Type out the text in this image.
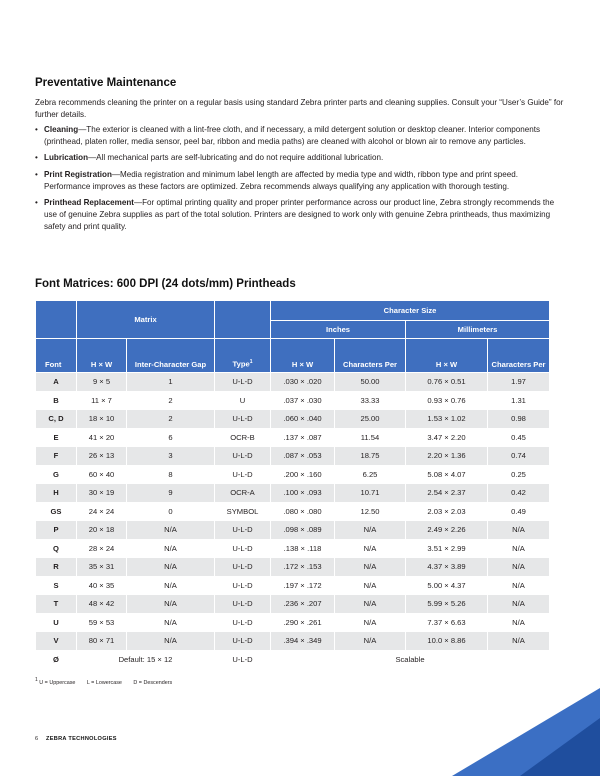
Preventative Maintenance

Zebra recommends cleaning the printer on a regular basis using standard Zebra printer parts and cleaning supplies. Consult your “User’s Guide” for further details.

• Cleaning—The exterior is cleaned with a lint-free cloth, and if necessary, a mild detergent solution or desktop cleaner. Interior components (printhead, platen roller, media sensor, peel bar, ribbon and media paths) are cleaned with alcohol or blown air to remove any particles.
• Lubrication—All mechanical parts are self-lubricating and do not require additional lubrication.
• Print Registration—Media registration and minimum label length are affected by media type and width, ribbon type and print speed. Performance improves as these factors are optimized. Zebra recommends always qualifying any application with thorough testing.
• Printhead Replacement—For optimal printing quality and proper printer performance across our product line, Zebra strongly recommends the use of genuine Zebra supplies as part of the total solution. Printers are designed to work only with genuine Zebra printheads, thus maximizing safety and print quality.
Font Matrices: 600 DPI (24 dots/mm) Printheads
	Matrix			Character Size			
				Inches		Millimeters	
Font	H × W	Inter-Character Gap	Type$^1$	H × W	Characters Per	H × W	Characters Per
A	9 × 5	1	U-L-D	.030 × .020	50.00	0.76 × 0.51	1.97
B	11 × 7	2	U	.037 × .030	33.33	0.93 × 0.76	1.31
C, D	18 × 10	2	U-L-D	.060 × .040	25.00	1.53 × 1.02	0.98
E	41 × 20	6	OCR-B	.137 × .087	11.54	3.47 × 2.20	0.45
F	26 × 13	3	U-L-D	.087 × .053	18.75	2.20 × 1.36	0.74
G	60 × 40	8	U-L-D	.200 × .160	6.25	5.08 × 4.07	0.25
H	30 × 19	9	OCR-A	.100 × .093	10.71	2.54 × 2.37	0.42
GS	24 × 24	0	SYMBOL	.080 × .080	12.50	2.03 × 2.03	0.49
P	20 × 18	N/A	U-L-D	.098 × .089	N/A	2.49 × 2.26	N/A
Q	28 × 24	N/A	U-L-D	.138 × .118	N/A	3.51 × 2.99	N/A
R	35 × 31	N/A	U-L-D	.172 × .153	N/A	4.37 × 3.89	N/A
S	40 × 35	N/A	U-L-D	.197 × .172	N/A	5.00 × 4.37	N/A
T	48 × 42	N/A	U-L-D	.236 × .207	N/A	5.99 × 5.26	N/A
U	59 × 53	N/A	U-L-D	.290 × .261	N/A	7.37 × 6.63	N/A
V	80 × 71	N/A	U-L-D	.394 × .349	N/A	10.0 × 8.86	N/A
Ø	Default: 15 × 12		U-L-D	Scalable			
$^1$ U = Uppercase L = Lowercase D = Descenders
6 ZEBRA TECHNOLOGIES
